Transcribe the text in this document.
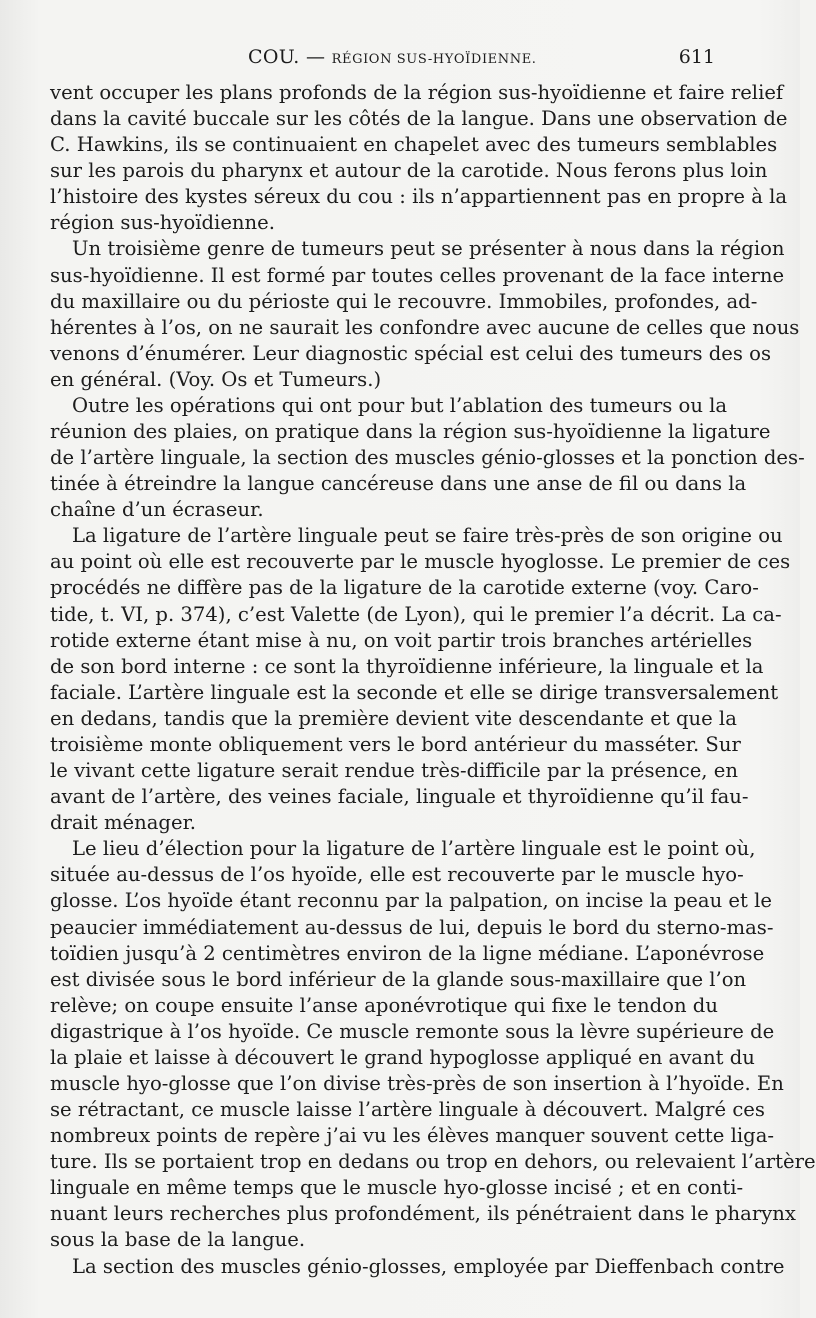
COU. — RÉGION SUS-HYOÏDIENNE.	611
vent occuper les plans profonds de la région sus-hyoïdienne et faire relief
dans la cavité buccale sur les côtés de la langue. Dans une observation de
C. Hawkins, ils se continuaient en chapelet avec des tumeurs semblables
sur les parois du pharynx et autour de la carotide. Nous ferons plus loin
l’histoire des kystes séreux du cou : ils n’appartiennent pas en propre à la
région sus-hyoïdienne.
Un troisième genre de tumeurs peut se présenter à nous dans la région
sus-hyoïdienne. Il est formé par toutes celles provenant de la face interne
du maxillaire ou du périoste qui le recouvre. Immobiles, profondes, ad-
hérentes à l’os, on ne saurait les confondre avec aucune de celles que nous
venons d’énumérer. Leur diagnostic spécial est celui des tumeurs des os
en général. (Voy. Os et Tumeurs.)
Outre les opérations qui ont pour but l’ablation des tumeurs ou la
réunion des plaies, on pratique dans la région sus-hyoïdienne la ligature
de l’artère linguale, la section des muscles génio-glosses et la ponction des-
tinée à étreindre la langue cancéreuse dans une anse de fil ou dans la
chaîne d’un écraseur.
La ligature de l’artère linguale peut se faire très-près de son origine ou
au point où elle est recouverte par le muscle hyoglosse. Le premier de ces
procédés ne diffère pas de la ligature de la carotide externe (voy. Caro-
tide, t. VI, p. 374), c’est Valette (de Lyon), qui le premier l’a décrit. La ca-
rotide externe étant mise à nu, on voit partir trois branches artérielles
de son bord interne : ce sont la thyroïdienne inférieure, la linguale et la
faciale. L’artère linguale est la seconde et elle se dirige transversalement
en dedans, tandis que la première devient vite descendante et que la
troisième monte obliquement vers le bord antérieur du masséter. Sur
le vivant cette ligature serait rendue très-difficile par la présence, en
avant de l’artère, des veines faciale, linguale et thyroïdienne qu’il fau-
drait ménager.
Le lieu d’élection pour la ligature de l’artère linguale est le point où,
située au-dessus de l’os hyoïde, elle est recouverte par le muscle hyo-
glosse. L’os hyoïde étant reconnu par la palpation, on incise la peau et le
peaucier immédiatement au-dessus de lui, depuis le bord du sterno-mas-
toïdien jusqu’à 2 centimètres environ de la ligne médiane. L’aponévrose
est divisée sous le bord inférieur de la glande sous-maxillaire que l’on
relève; on coupe ensuite l’anse aponévrotique qui fixe le tendon du
digastrique à l’os hyoïde. Ce muscle remonte sous la lèvre supérieure de
la plaie et laisse à découvert le grand hypoglosse appliqué en avant du
muscle hyo-glosse que l’on divise très-près de son insertion à l’hyoïde. En
se rétractant, ce muscle laisse l’artère linguale à découvert. Malgré ces
nombreux points de repère j’ai vu les élèves manquer souvent cette liga-
ture. Ils se portaient trop en dedans ou trop en dehors, ou relevaient l’artère
linguale en même temps que le muscle hyo-glosse incisé ; et en conti-
nuant leurs recherches plus profondément, ils pénétraient dans le pharynx
sous la base de la langue.
La section des muscles génio-glosses, employée par Dieffenbach contre
